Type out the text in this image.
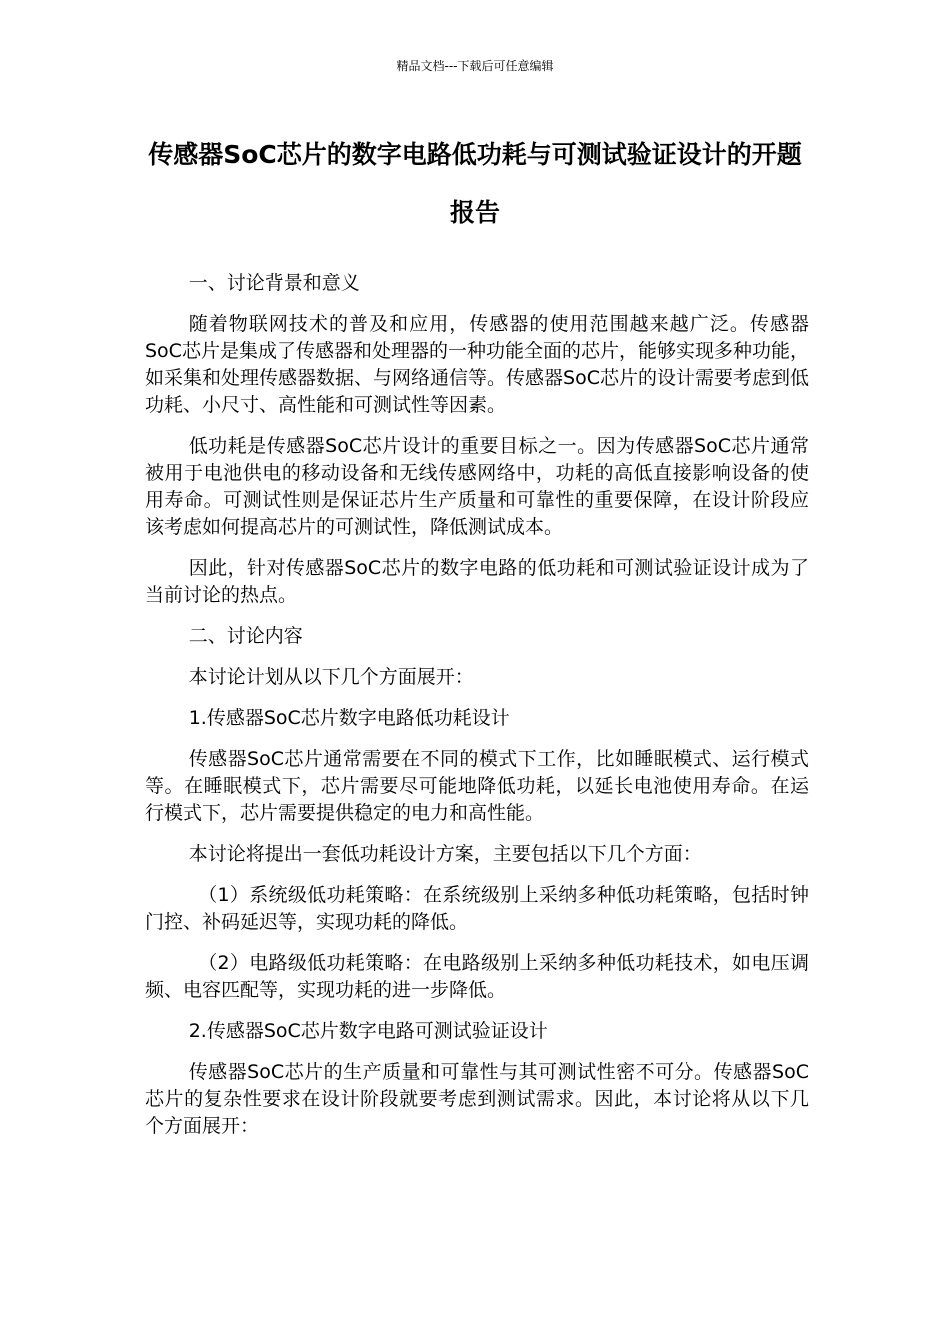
精品文档---下载后可任意编辑
传感器SoC芯片的数字电路低功耗与可测试验证设计的开题报告

一、讨论背景和意义

随着物联网技术的普及和应用，传感器的使用范围越来越广泛。传感器SoC芯片是集成了传感器和处理器的一种功能全面的芯片，能够实现多种功能，如采集和处理传感器数据、与网络通信等。传感器SoC芯片的设计需要考虑到低功耗、小尺寸、高性能和可测试性等因素。

低功耗是传感器SoC芯片设计的重要目标之一。因为传感器SoC芯片通常被用于电池供电的移动设备和无线传感网络中，功耗的高低直接影响设备的使用寿命。可测试性则是保证芯片生产质量和可靠性的重要保障，在设计阶段应该考虑如何提高芯片的可测试性，降低测试成本。

因此，针对传感器SoC芯片的数字电路的低功耗和可测试验证设计成为了当前讨论的热点。

二、讨论内容

本讨论计划从以下几个方面展开：

1.传感器SoC芯片数字电路低功耗设计

传感器SoC芯片通常需要在不同的模式下工作，比如睡眠模式、运行模式等。在睡眠模式下，芯片需要尽可能地降低功耗，以延长电池使用寿命。在运行模式下，芯片需要提供稳定的电力和高性能。

本讨论将提出一套低功耗设计方案，主要包括以下几个方面：

（1）系统级低功耗策略：在系统级别上采纳多种低功耗策略，包括时钟门控、补码延迟等，实现功耗的降低。

（2）电路级低功耗策略：在电路级别上采纳多种低功耗技术，如电压调频、电容匹配等，实现功耗的进一步降低。

2.传感器SoC芯片数字电路可测试验证设计

传感器SoC芯片的生产质量和可靠性与其可测试性密不可分。传感器SoC芯片的复杂性要求在设计阶段就要考虑到测试需求。因此，本讨论将从以下几个方面展开：
